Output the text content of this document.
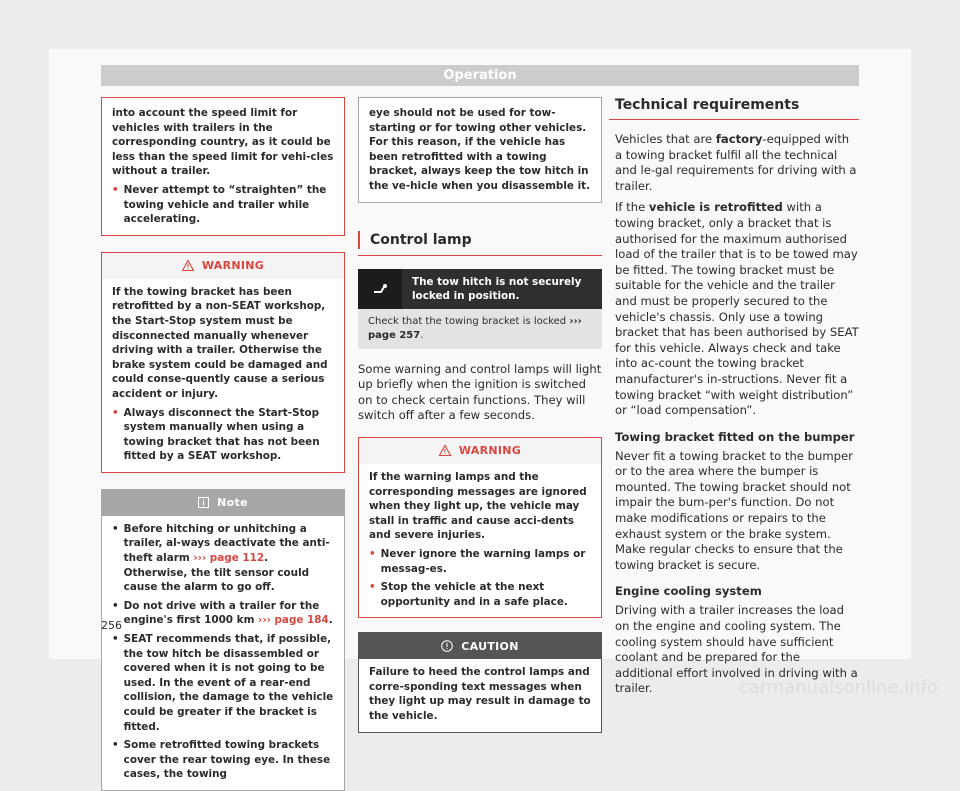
Operation

into account the speed limit for vehicles with trailers in the corresponding country, as it could be less than the speed limit for vehi-cles without a trailer.

• Never attempt to “straighten” the towing vehicle and trailer while accelerating.
WARNING

If the towing bracket has been retrofitted by a non-SEAT workshop, the Start-Stop system must be disconnected manually whenever driving with a trailer. Otherwise the brake system could be damaged and could conse-quently cause a serious accident or injury.

• Always disconnect the Start-Stop system manually when using a towing bracket that has not been fitted by a SEAT workshop.
Note
• Before hitching or unhitching a trailer, al-ways deactivate the anti-theft alarm ››› page 112. Otherwise, the tilt sensor could cause the alarm to go off.
• Do not drive with a trailer for the engine's first 1000 km ››› page 184.
• SEAT recommends that, if possible, the tow hitch be disassembled or covered when it is not going to be used. In the event of a rear-end collision, the damage to the vehicle could be greater if the bracket is fitted.
• Some retrofitted towing brackets cover the rear towing eye. In these cases, the towing

eye should not be used for tow-starting or for towing other vehicles. For this reason, if the vehicle has been retrofitted with a towing bracket, always keep the tow hitch in the ve-hicle when you disassemble it.

Control lamp
The tow hitch is not securely locked in position.
Check that the towing bracket is locked ››› page 257.

Some warning and control lamps will light up briefly when the ignition is switched on to check certain functions. They will switch off after a few seconds.

WARNING

If the warning lamps and the corresponding messages are ignored when they light up, the vehicle may stall in traffic and cause acci-dents and severe injuries.

• Never ignore the warning lamps or messag-es.
• Stop the vehicle at the next opportunity and in a safe place.
CAUTION

Failure to heed the control lamps and corre-sponding text messages when they light up may result in damage to the vehicle.

Technical requirements

Vehicles that are factory-equipped with a towing bracket fulfil all the technical and le-gal requirements for driving with a trailer.

If the vehicle is retrofitted with a towing bracket, only a bracket that is authorised for the maximum authorised load of the trailer that is to be towed may be fitted. The towing bracket must be suitable for the vehicle and the trailer and must be properly secured to the vehicle's chassis. Only use a towing bracket that has been authorised by SEAT for this vehicle. Always check and take into ac-count the towing bracket manufacturer's in-structions. Never fit a towing bracket “with weight distribution” or “load compensation”.

Towing bracket fitted on the bumper

Never fit a towing bracket to the bumper or to the area where the bumper is mounted. The towing bracket should not impair the bum-per's function. Do not make modifications or repairs to the exhaust system or the brake system. Make regular checks to ensure that the towing bracket is secure.

Engine cooling system

Driving with a trailer increases the load on the engine and cooling system. The cooling system should have sufficient coolant and be prepared for the additional effort involved in driving with a trailer.

256
carmanualsonline.info
